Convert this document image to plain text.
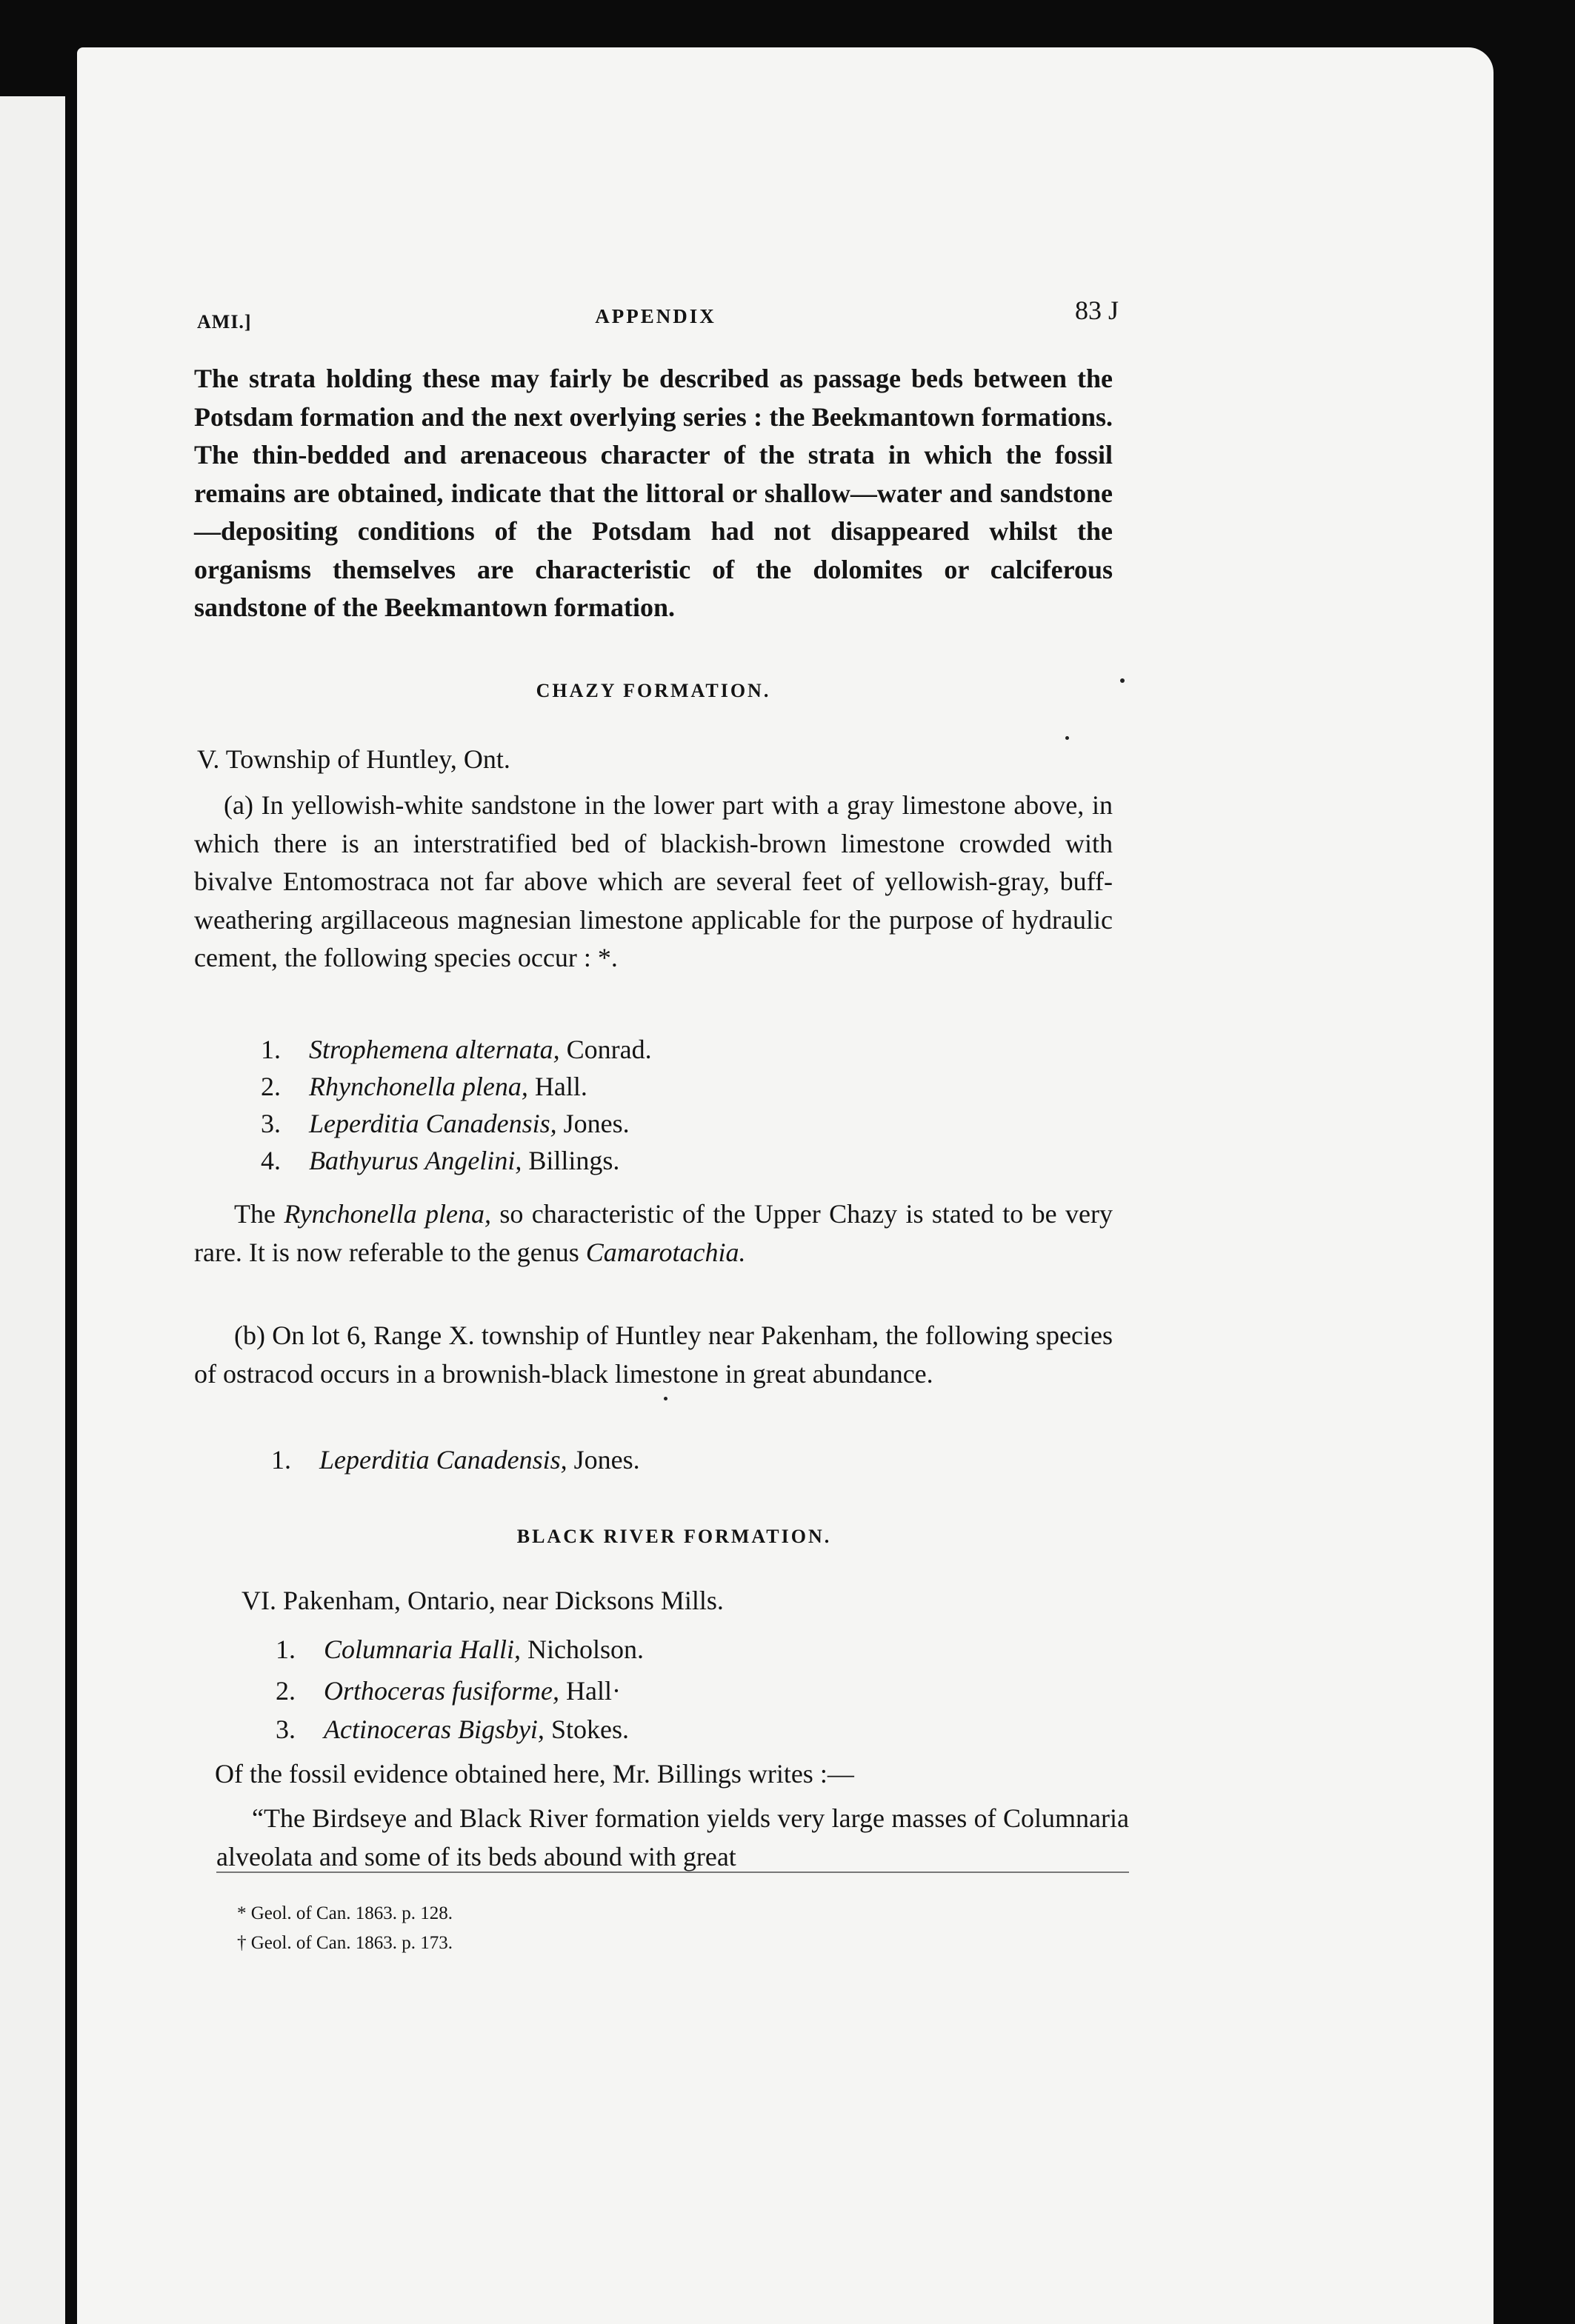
AMI.]	APPENDIX	83 J

The strata holding these may fairly be described as passage beds between the Potsdam formation and the next overlying series : the Beekmantown formations. The thin-bedded and arenaceous character of the strata in which the fossil remains are obtained, indicate that the littoral or shallow—water and sandstone—depositing conditions of the Potsdam had not disappeared whilst the organisms themselves are characteristic of the dolomites or calciferous sandstone of the Beekmantown formation.

CHAZY FORMATION.
V. Township of Huntley, Ont.

(a) In yellowish-white sandstone in the lower part with a gray limestone above, in which there is an interstratified bed of blackish-brown limestone crowded with bivalve Entomostraca not far above which are several feet of yellowish-gray, buff-weathering argillaceous magnesian limestone applicable for the purpose of hydraulic cement, the following species occur : *.

1. Strophemena alternata, Conrad.
2. Rhynchonella plena, Hall.
3. Leperditia Canadensis, Jones.
4. Bathyurus Angelini, Billings.

The Rynchonella plena, so characteristic of the Upper Chazy is stated to be very rare. It is now referable to the genus Camarotachia.

(b) On lot 6, Range X. township of Huntley near Pakenham, the following species of ostracod occurs in a brownish-black limestone in great abundance.

1. Leperditia Canadensis, Jones.
BLACK RIVER FORMATION.
VI. Pakenham, Ontario, near Dicksons Mills.
1. Columnaria Halli, Nicholson.
2. Orthoceras fusiforme, Hall·
3. Actinoceras Bigsbyi, Stokes.
Of the fossil evidence obtained here, Mr. Billings writes :—

“The Birdseye and Black River formation yields very large masses of Columnaria alveolata and some of its beds abound with great

* Geol. of Can. 1863. p. 128.
† Geol. of Can. 1863. p. 173.
